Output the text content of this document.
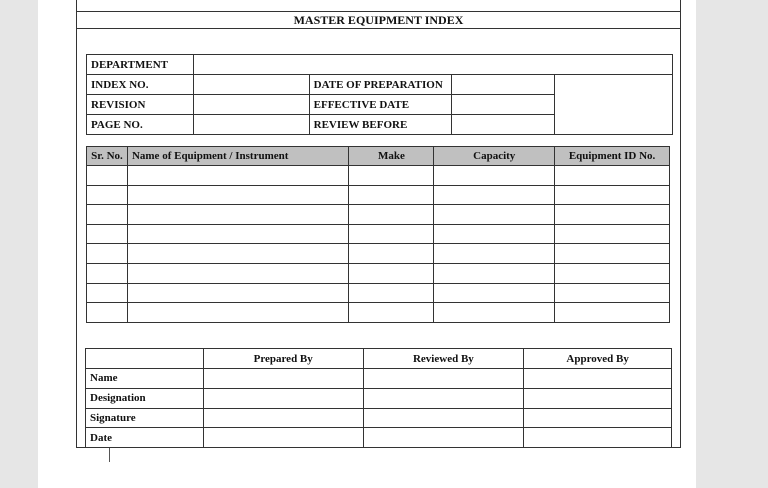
MASTER EQUIPMENT INDEX
DEPARTMENT				
INDEX NO.		DATE OF PREPARATION		
REVISION		EFFECTIVE DATE		
PAGE NO.		REVIEW BEFORE		
Sr. No.	Name of Equipment / Instrument	Make	Capacity	Equipment ID No.

	Prepared By	Reviewed By	Approved By
Name			
Designation			
Signature			
Date			
